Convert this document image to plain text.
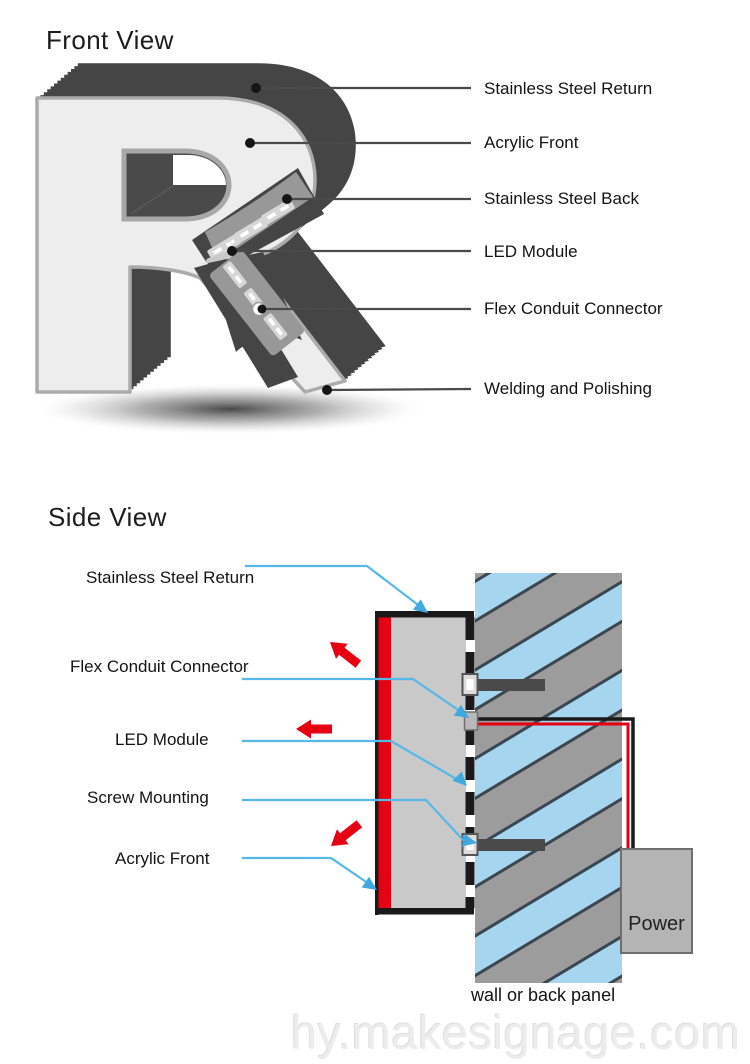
Front View
Stainless Steel Return
Acrylic Front
Stainless Steel Back
LED Module
Flex Conduit Connector
Welding and Polishing
Side View
Stainless Steel Return
Flex Conduit Connector
LED Module
Screw Mounting
Acrylic Front
Power
wall or back panel
hy.makesignage.com
